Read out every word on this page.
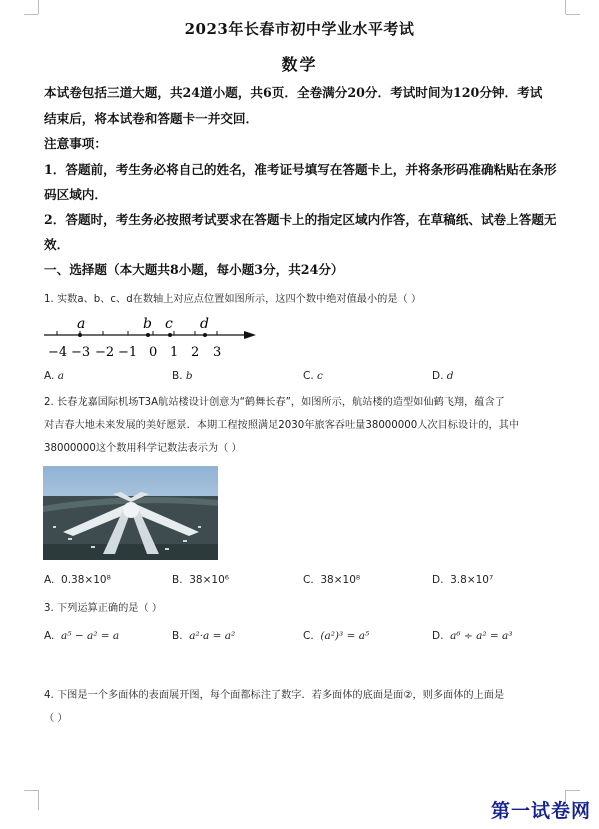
2023年长春市初中学业水平考试
数学
本试卷包括三道大题，共24道小题，共6页．全卷满分20分．考试时间为120分钟．考试
结束后，将本试卷和答题卡一并交回．
注意事项：
1．答题前，考生务必将自己的姓名，准考证号填写在答题卡上，并将条形码准确粘贴在条形
码区域内．
2．答题时，考生务必按照考试要求在答题卡上的指定区域内作答，在草稿纸、试卷上答题无
效．
一、选择题（本大题共8小题，每小题3分，共24分）
1. 实数a、b、c、d在数轴上对应点位置如图所示，这四个数中绝对值最小的是（ ）
a	b c d
−4 −3 −2 −1 0 1 2 3
A. a	B. b	C. c	D. d
2. 长春龙嘉国际机场T3A航站楼设计创意为“鹤舞长春”，如图所示，航站楼的造型如仙鹤飞翔，蕴含了
对吉春大地未来发展的美好愿景．本期工程按照满足2030年旅客吞吐量38000000人次目标设计的，其中
38000000这个数用科学记数法表示为（ ）
A. 0.38×10⁸	B. 38×10⁶	C. 38×10⁸	D. 3.8×10⁷
3. 下列运算正确的是（ ）
A. a⁵ − a² = a	B. a²·a = a²	C. (a²)³ = a⁵	D. a⁶ ÷ a² = a³
4. 下图是一个多面体的表面展开图，每个面都标注了数字．若多面体的底面是面②，则多面体的上面是
（ ）
第一试卷网
